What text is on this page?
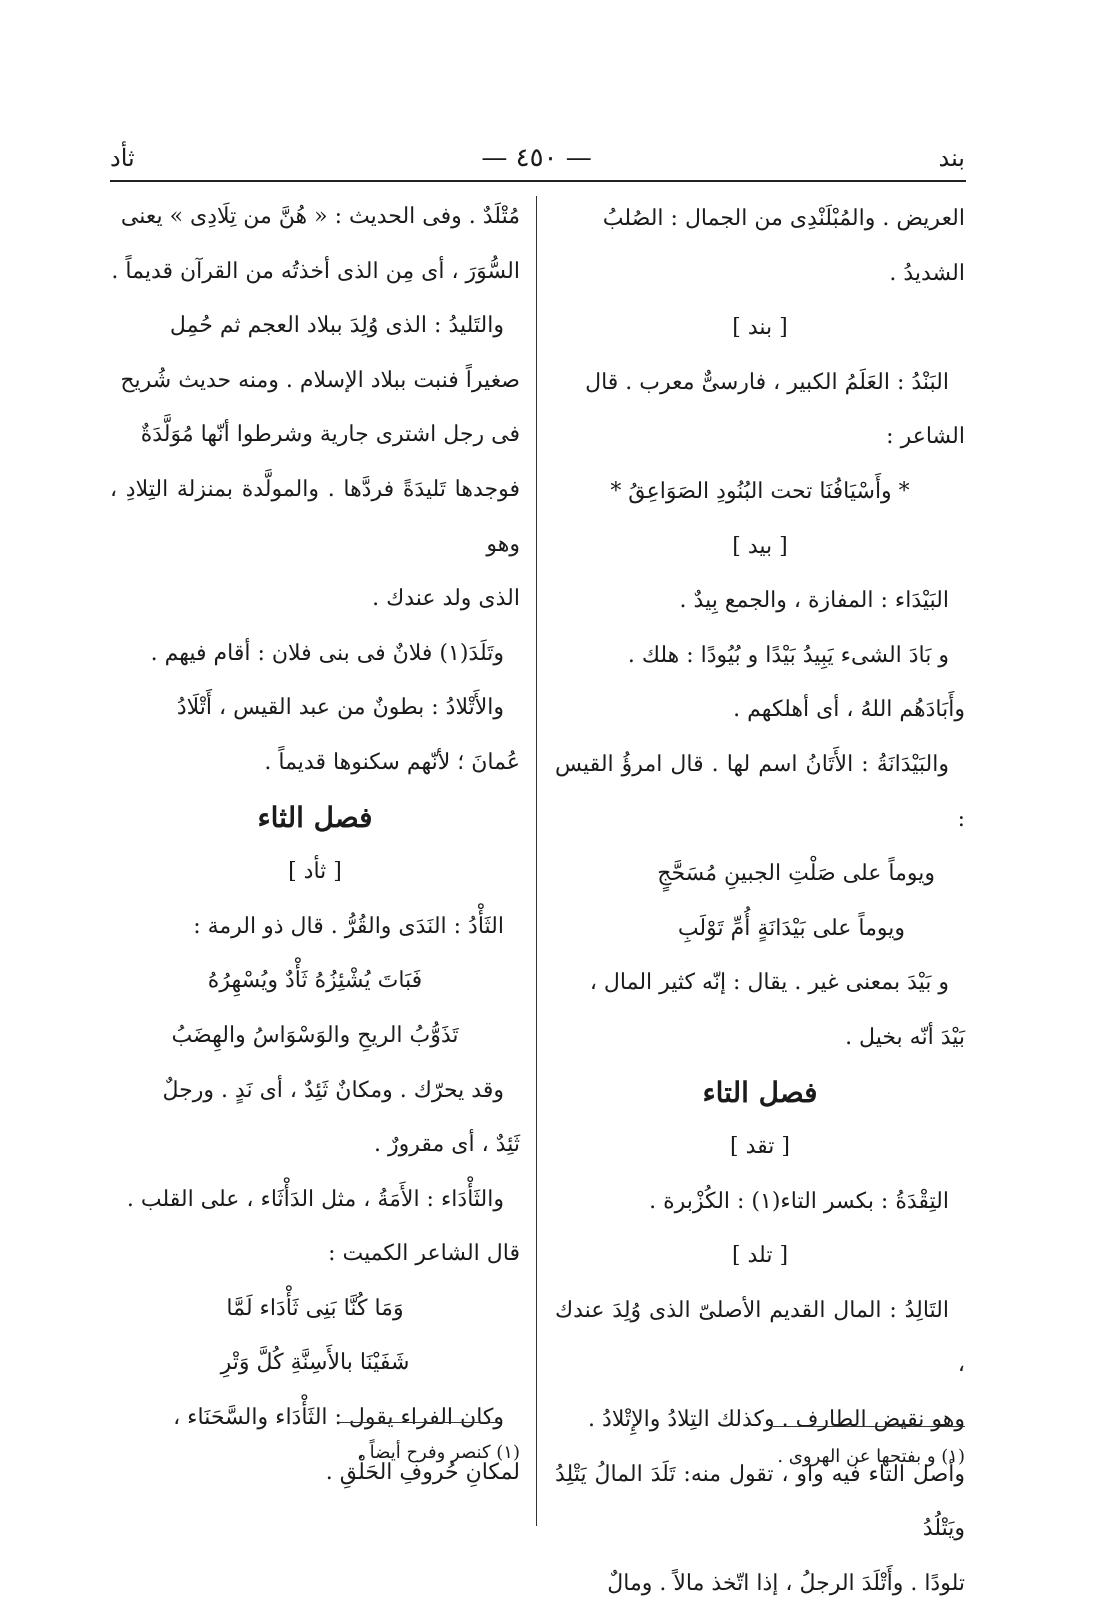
بند
— ٤٥٠ —
ثأد

العريض . والمُبْلَنْدِى من الجمال : الصُلبُ

الشديدُ .

[ بند ]

البَنْدُ : العَلَمُ الكبير ، فارسىٌّ معرب . قال

الشاعر :

* وأَسْيَافُنَا تحت البُنُودِ الصَوَاعِقُ *

[ بيد ]

البَيْدَاء : المفازة ، والجمع بِيدٌ .

و بَادَ الشىء يَبِيدُ بَيْدًا و بُيُودًا : هلك .

وأَبَادَهُم اللهُ ، أى أهلكهم .

والبَيْدَانَةُ : الأَتَانُ اسم لها . قال امرؤُ القيس :

ويوماً على صَلْتِ الجبينِ مُسَحَّجٍ

ويوماً على بَيْدَانَةٍ أُمِّ تَوْلَبِ

و بَيْدَ بمعنى غير . يقال : إنّه كثير المال ،

بَيْدَ أنّه بخيل .

فصل التاء

[ تقد ]

التِقْدَةُ : بكسر التاء(١) : الكُزْبرة .

[ تلد ]

التَالِدُ : المال القديم الأصلىّ الذى وُلِدَ عندك ،

وهو نقيض الطارف . وكذلك التِلادُ والإِتْلادُ .

وأصل التاء فيه واو ، تقول منه: تَلَدَ المالُ يَتْلِدُ ويَتْلُدُ

تلودًا . وأَتْلَدَ الرجلُ ، إذا اتّخذ مالاً . ومالٌ

مُتْلَدٌ . وفى الحديث : « هُنَّ من تِلَادِى » يعنى

السُّوَرَ ، أى مِن الذى أخذتُه من القرآن قديماً .

والتَليدُ : الذى وُلِدَ ببلاد العجم ثم حُمِل

صغيراً فنبت ببلاد الإسلام . ومنه حديث شُريح

فى رجل اشترى جارية وشرطوا أنّها مُوَلَّدَةٌ

فوجدها تَليدَةً فردَّها . والمولَّدة بمنزلة التِلادِ ، وهو

الذى ولد عندك .

وتَلَدَ(١) فلانٌ فى بنى فلان : أقام فيهم .

والأَتْلادُ : بطونٌ من عبد القيس ، أَتْلَادُ

عُمانَ ؛ لأنّهم سكنوها قديماً .

فصل الثاء

[ ثأد ]

الثَأْدُ : النَدَى والقُرُّ . قال ذو الرمة :

فَبَاتَ يُشْئِزُهُ ثَأْدٌ ويُسْهِرُهُ

تَذَوُّبُ الريحِ والوَسْوَاسُ والهِضَبُ

وقد يحرّك . ومكانٌ ثَئِدٌ ، أى نَدٍ . ورجلٌ

ثَئِدٌ ، أى مقرورٌ .

والثَأْدَاء : الأَمَةُ ، مثل الدَأْثَاء ، على القلب .

قال الشاعر الكميت :

وَمَا كُنَّا بَنِى ثَأْدَاء لَمَّا

شَفَيْنَا بالأَسِنَّةِ كُلَّ وَتْرِ

وكان الفراء يقول : الثَأْدَاء والسَّحَنَاء ،

لمكانِ حُروفِ الحَلْقِ .

(١) و بفتحها عن الهروى .
(١) كنصر وفرح أيضاً .
